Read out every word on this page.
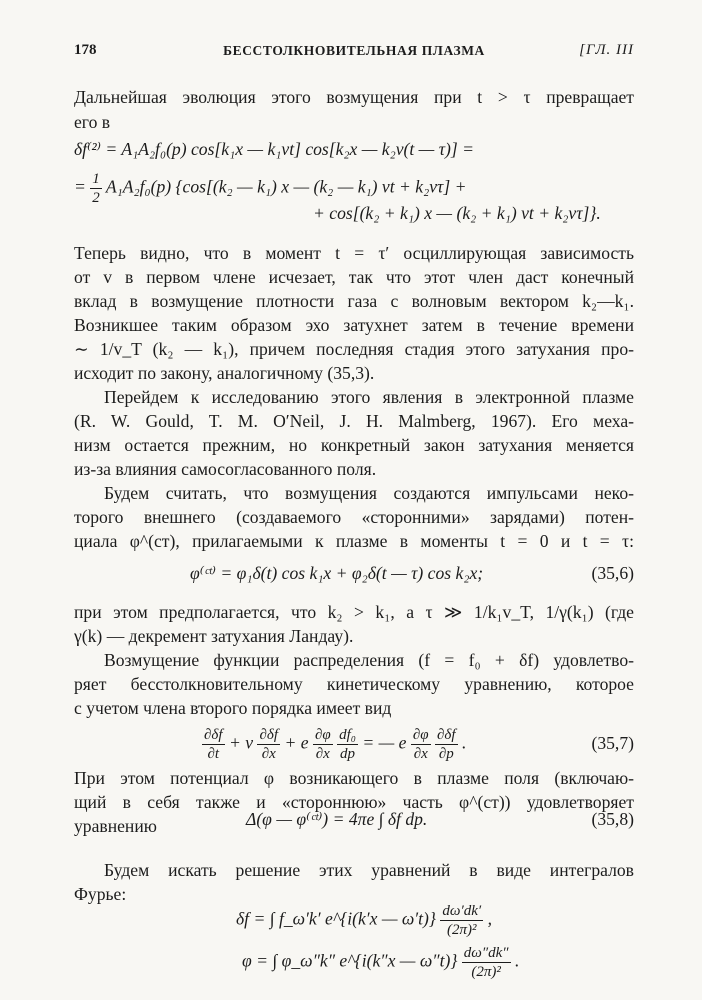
178	БЕССТОЛКНОВИТЕЛЬНАЯ ПЛАЗМА	[ГЛ. III
Дальнейшая эволюция этого возмущения при t > τ превращает
его в
δf⁽²⁾ = A₁A₂f₀(p) cos[k₁x — k₁vt] cos[k₂x — k₂v(t — τ)] =
= $\frac{1}{2} A_1A_2f_0(p)$ {cos[(k₂ — k₁) x — (k₂ — k₁) vt + k₂vτ] +
+ cos[(k₂ + k₁) x — (k₂ + k₁) vt + k₂vτ]}.
Теперь видно, что в момент t = τ′ осциллирующая зависимость
от v в первом члене исчезает, так что этот член даст конечный
вклад в возмущение плотности газа с волновым вектором k₂—k₁.
Возникшее таким образом эхо затухнет затем в течение времени
∼ 1/v_T (k₂ — k₁), причем последняя стадия этого затухания про-
исходит по закону, аналогичному (35,3).
Перейдем к исследованию этого явления в электронной плазме
(R. W. Gould, T. M. O′Neil, J. H. Malmberg, 1967). Его меха-
низм остается прежним, но конкретный закон затухания меняется
из-за влияния самосогласованного поля.
Будем считать, что возмущения создаются импульсами неко-
торого внешнего (создаваемого «сторонними» зарядами) потен-
циала φ^(ст), прилагаемыми к плазме в моменты t = 0 и t = τ:
φ⁽ᶜᵗ⁾ = φ₁δ(t) cos k₁x + φ₂δ(t — τ) cos k₂x;	(35,6)
при этом предполагается, что k₂ > k₁, а τ ≫ 1/k₁v_T, 1/γ(k₁) (где
γ(k) — декремент затухания Ландау).
Возмущение функции распределения (f = f₀ + δf) удовлетво-
ряет бесстолкновительному кинетическому уравнению, которое
с учетом члена второго порядка имеет вид
$\frac{\partial\delta f}{\partial t} + v \frac{\partial\delta f}{\partial x} + e \frac{\partial\varphi}{\partial x}$
$\frac{\text{df₀}}{dp}$ = — e $\frac{\partial\varphi}{\partial x}$
$\frac{\partial\delta f}{\partial p}$ .	(35,7)
При этом потенциал φ возникающего в плазме поля (включаю-
щий в себя также и «стороннюю» часть φ^(ст)) удовлетворяет
уравнению	Δ(φ — φ⁽ᶜᵗ⁾) = 4πe ∫ δf dp.	(35,8)
Будем искать решение этих уравнений в виде интегралов
Фурье:
δf = ∫ f_ω′k′ e^{i(k′x — $\omega't)\} \frac{d\omega'dk'}{\text{(2π)²}}$ ,
φ = ∫ φ_ω″k″ e^{i(k″x — $\omega''t)\} \frac{d\omega''dk''}{\text{(2π)²}}$ .
